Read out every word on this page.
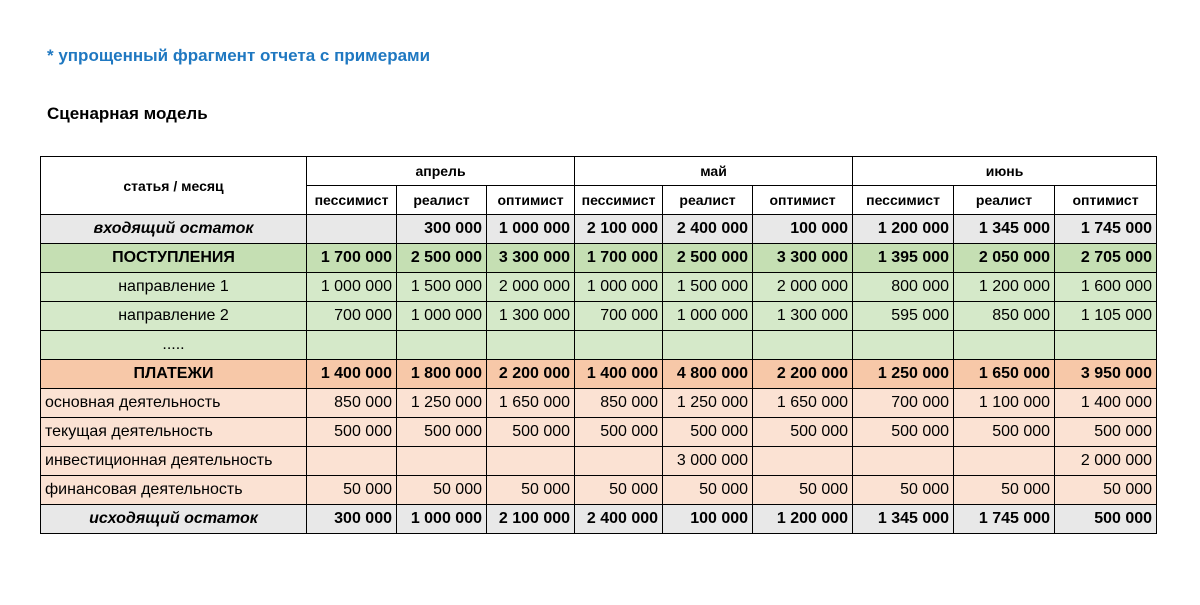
* упрощенный фрагмент отчета с примерами
Сценарная модель
статья / месяц	апрель			май			июнь		
	пессимист	реалист	оптимист	пессимист	реалист	оптимист	пессимист	реалист	оптимист
входящий остаток		300 000	1 000 000	2 100 000	2 400 000	100 000	1 200 000	1 345 000	1 745 000
ПОСТУПЛЕНИЯ	1 700 000	2 500 000	3 300 000	1 700 000	2 500 000	3 300 000	1 395 000	2 050 000	2 705 000
направление 1	1 000 000	1 500 000	2 000 000	1 000 000	1 500 000	2 000 000	800 000	1 200 000	1 600 000
направление 2	700 000	1 000 000	1 300 000	700 000	1 000 000	1 300 000	595 000	850 000	1 105 000
.....									
ПЛАТЕЖИ	1 400 000	1 800 000	2 200 000	1 400 000	4 800 000	2 200 000	1 250 000	1 650 000	3 950 000
основная деятельность	850 000	1 250 000	1 650 000	850 000	1 250 000	1 650 000	700 000	1 100 000	1 400 000
текущая деятельность	500 000	500 000	500 000	500 000	500 000	500 000	500 000	500 000	500 000
инвестиционная деятельность					3 000 000				2 000 000
финансовая деятельность	50 000	50 000	50 000	50 000	50 000	50 000	50 000	50 000	50 000
исходящий остаток	300 000	1 000 000	2 100 000	2 400 000	100 000	1 200 000	1 345 000	1 745 000	500 000
